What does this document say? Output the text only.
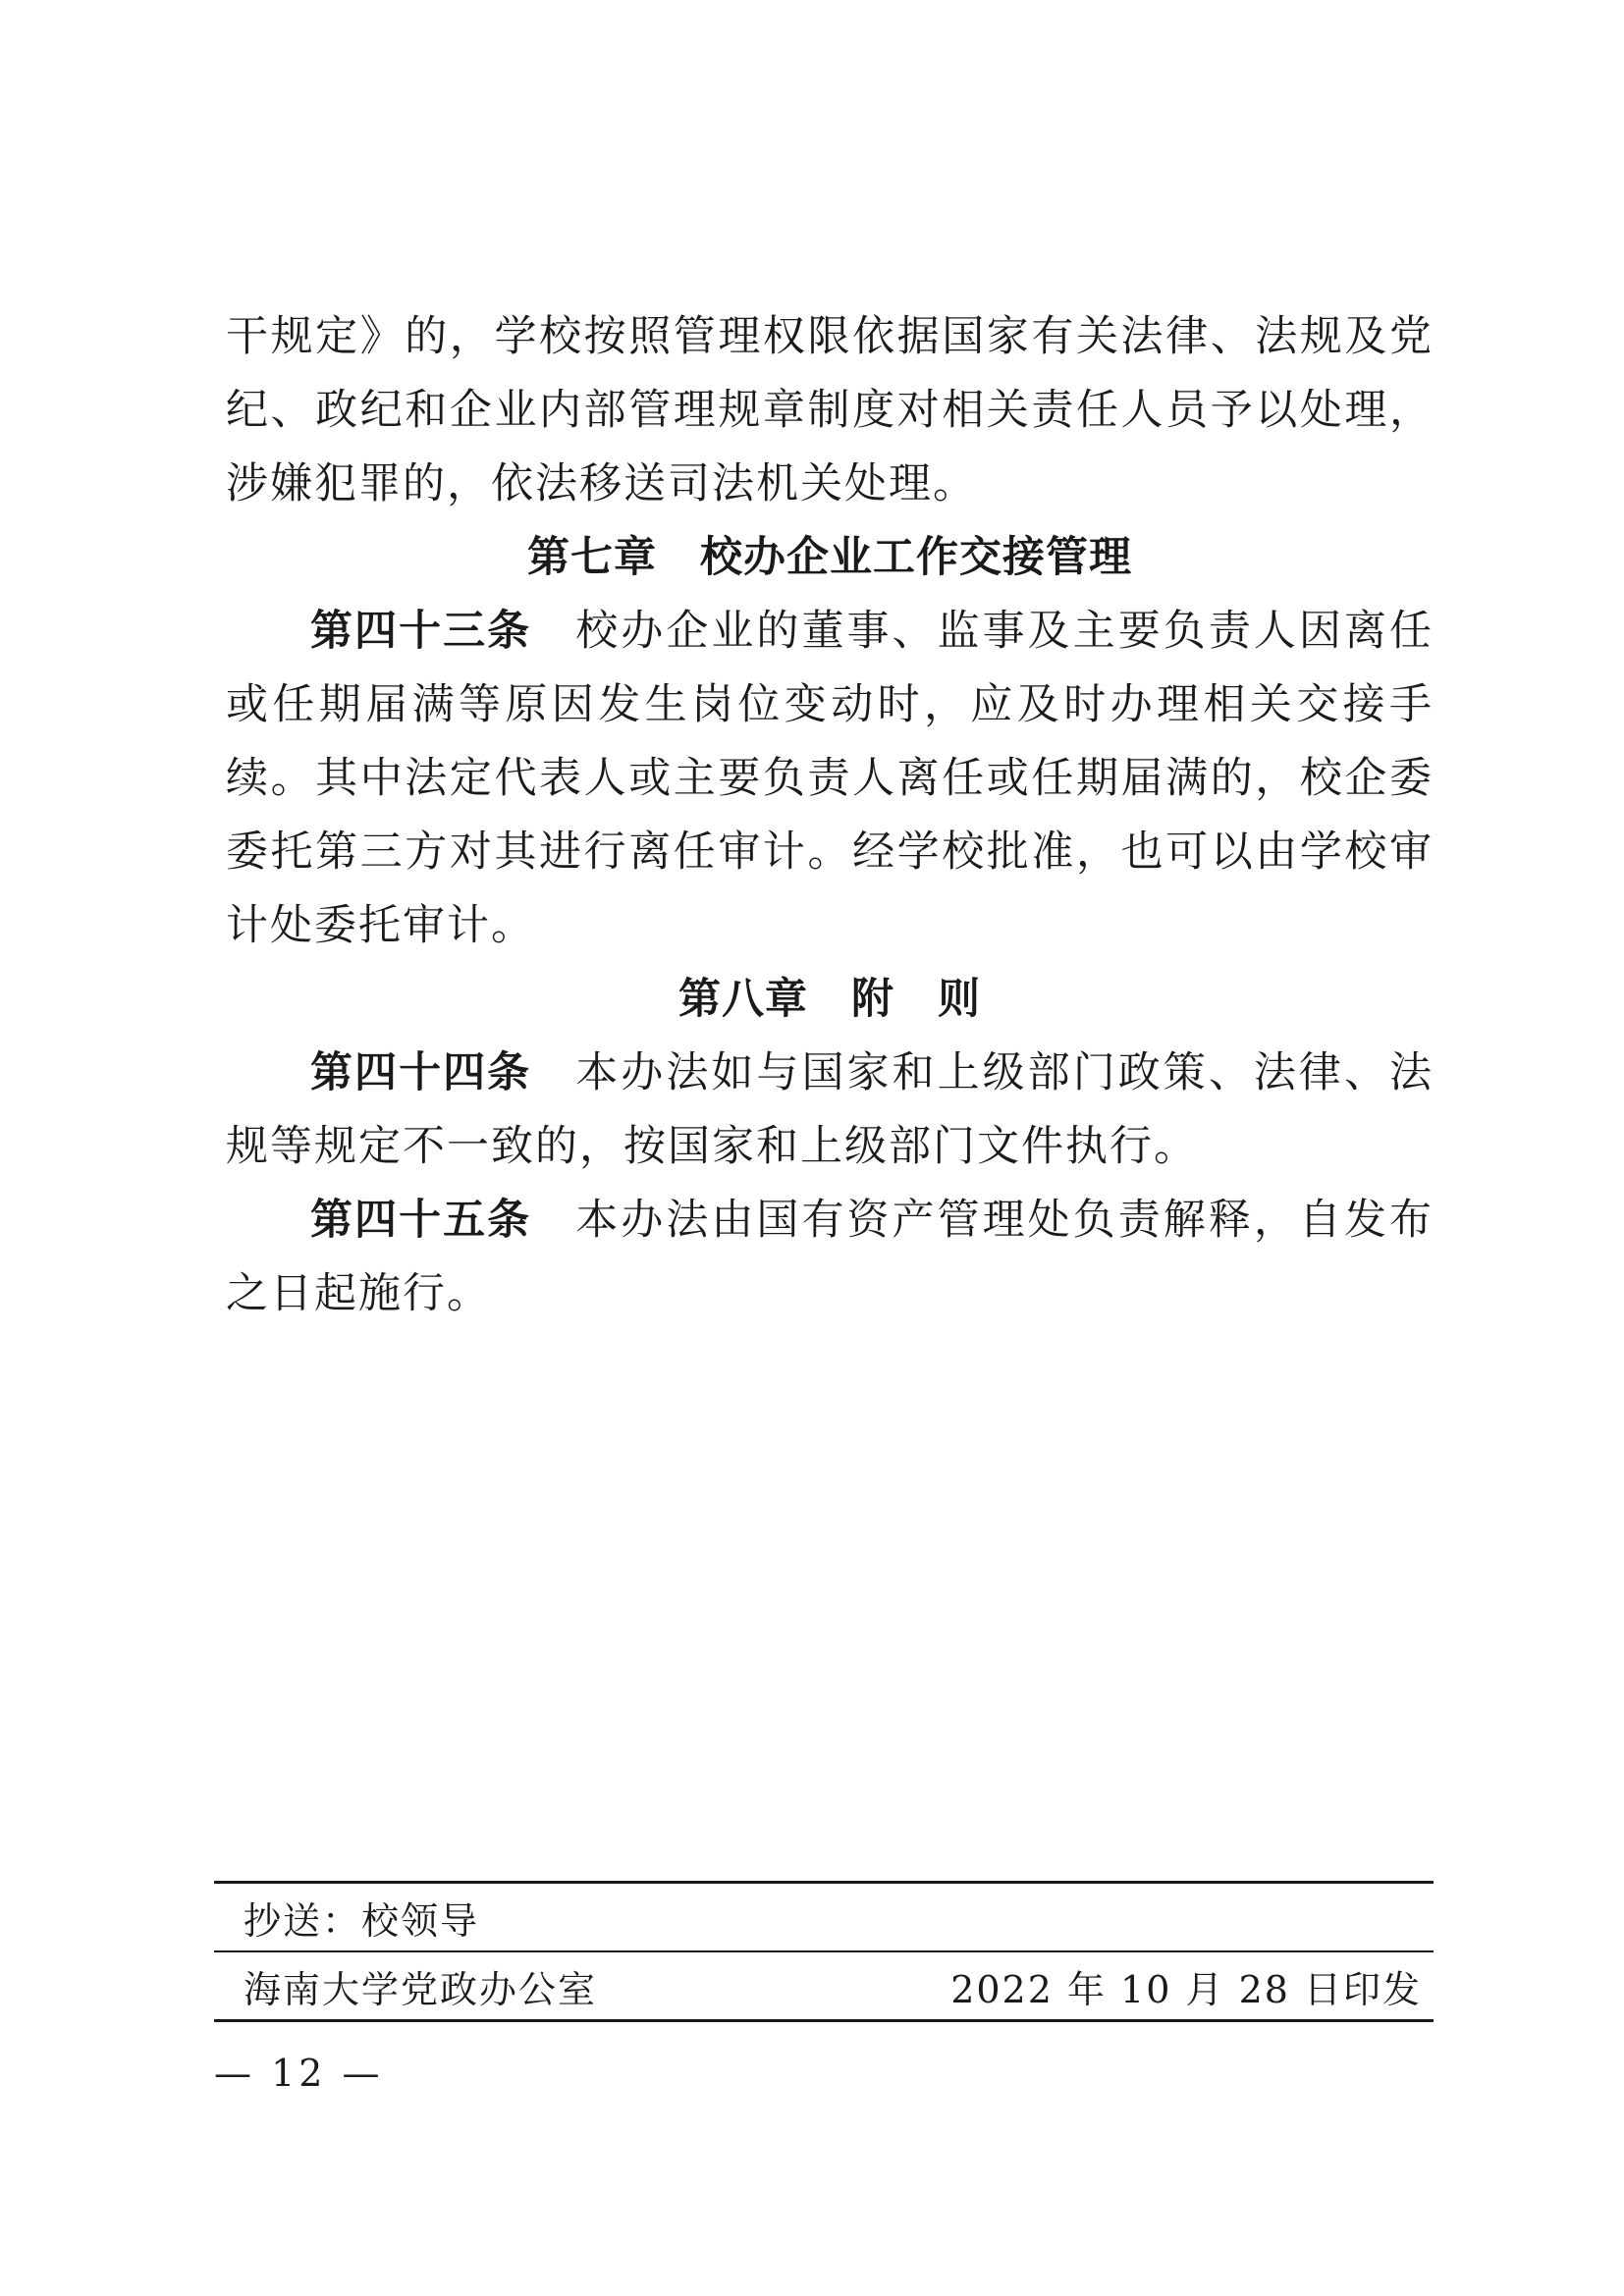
干规定》的，学校按照管理权限依据国家有关法律、法规及党纪、政纪和企业内部管理规章制度对相关责任人员予以处理，涉嫌犯罪的，依法移送司法机关处理。

第七章　校办企业工作交接管理

第四十三条 校办企业的董事、监事及主要负责人因离任或任期届满等原因发生岗位变动时，应及时办理相关交接手续。其中法定代表人或主要负责人离任或任期届满的，校企委委托第三方对其进行离任审计。经学校批准，也可以由学校审计处委托审计。

第八章　附　则

第四十四条 本办法如与国家和上级部门政策、法律、法规等规定不一致的，按国家和上级部门文件执行。

第四十五条 本办法由国有资产管理处负责解释，自发布之日起施行。

抄送：校领导
海南大学党政办公室	2022 年 10 月 28 日印发
— 12 —
